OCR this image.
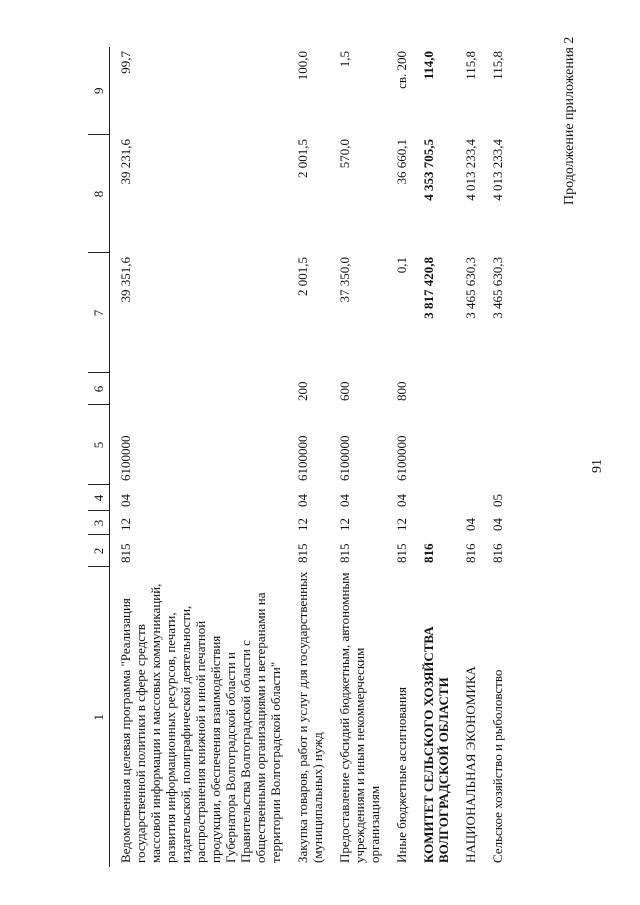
91
Продолжение приложения 2
1	2	3	4	5	6	7	8	9
Ведомственная целевая программа "Реализация государственной политики в сфере средств массовой информации и массовых коммуникаций, развития информационных ресурсов, печати, издательской, полиграфической деятельности, распространения книжной и иной печатной продукции, обеспечения взаимодействия Губернатора Волгоградской области и Правительства Волгоградской области с общественными организациями и ветеранами на территории Волгоградской области"	815	12	04	6100000		39 351,6	39 231,6	99,7
Закупка товаров, работ и услуг для государственных (муниципальных) нужд	815	12	04	6100000	200	2 001,5	2 001,5	100,0
Предоставление субсидий бюджетным, автономным учреждениям и иным некоммерческим организациям	815	12	04	6100000	600	37 350,0	570,0	1,5
Иные бюджетные ассигнования	815	12	04	6100000	800	0,1	36 660,1	св. 200
КОМИТЕТ СЕЛЬСКОГО ХОЗЯЙСТВА ВОЛГОГРАДСКОЙ ОБЛАСТИ	816					3 817 420,8	4 353 705,5	114,0
НАЦИОНАЛЬНАЯ ЭКОНОМИКА	816	04				3 465 630,3	4 013 233,4	115,8
Сельское хозяйство и рыболовство	816	04	05			3 465 630,3	4 013 233,4	115,8
